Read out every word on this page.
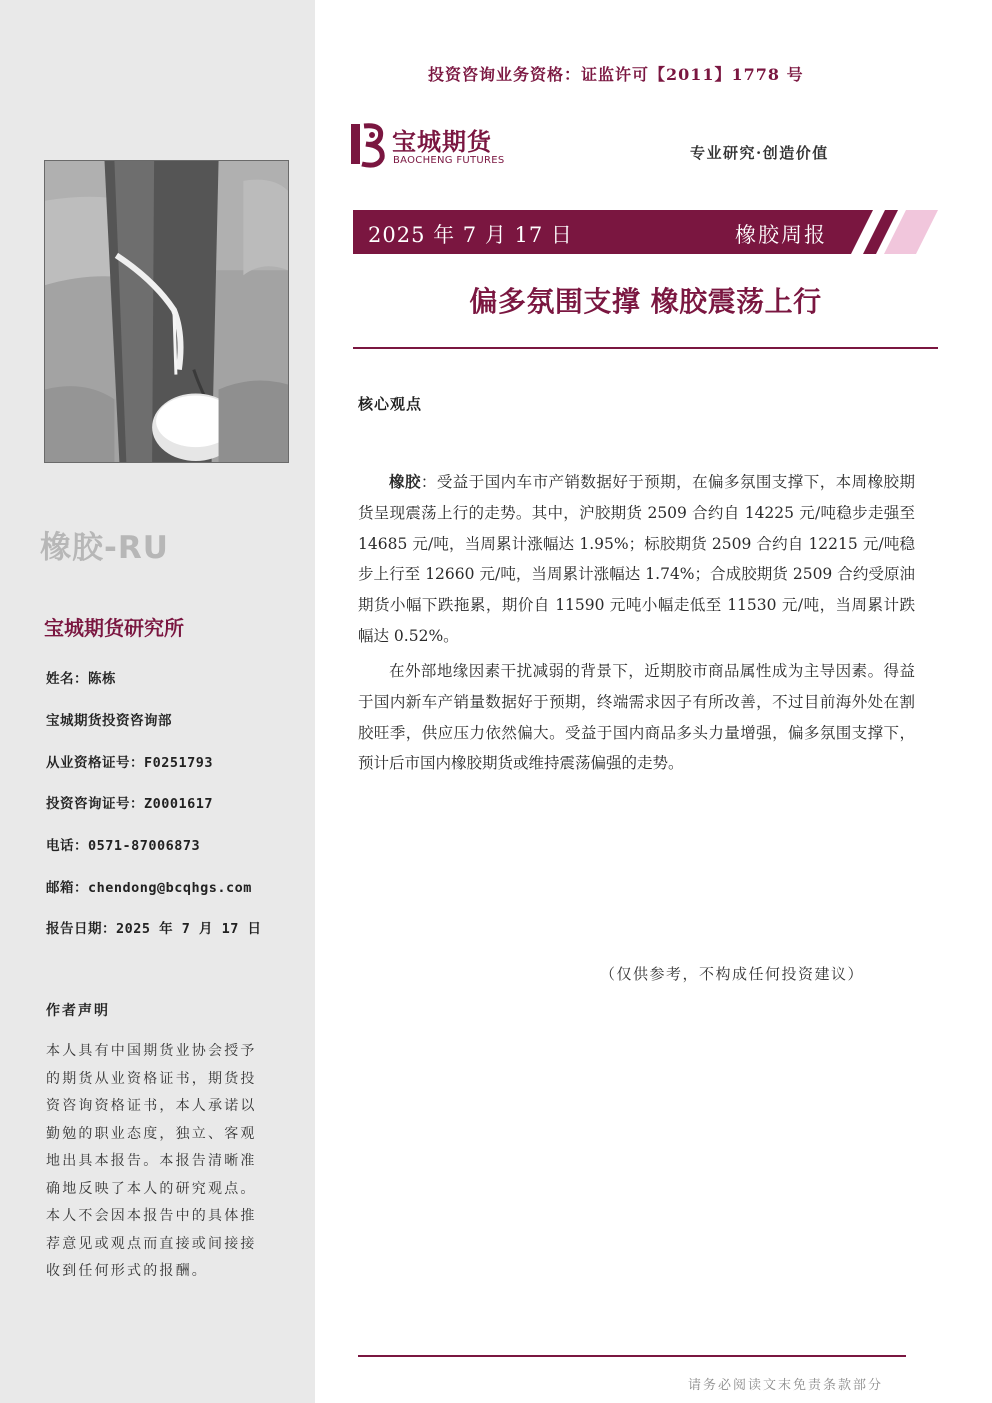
橡胶-RU
宝城期货研究所
姓名：陈栋
宝城期货投资咨询部
从业资格证号：F0251793
投资咨询证号：Z0001617
电话：0571-87006873
邮箱：chendong@bcqhgs.com
报告日期：2025 年 7 月 17 日
作者声明
本人具有中国期货业协会授予的期货从业资格证书，期货投资咨询资格证书，本人承诺以勤勉的职业态度，独立、客观地出具本报告。本报告清晰准确地反映了本人的研究观点。本人不会因本报告中的具体推荐意见或观点而直接或间接接收到任何形式的报酬。
投资咨询业务资格：证监许可【2011】1778 号
宝城期货
BAOCHENG FUTURES	专业研究·创造价值
2025 年 7 月 17 日	橡胶周报
偏多氛围支撑 橡胶震荡上行
核心观点

橡胶：受益于国内车市产销数据好于预期，在偏多氛围支撑下，本周橡胶期货呈现震荡上行的走势。其中，沪胶期货 2509 合约自 14225 元/吨稳步走强至 14685 元/吨，当周累计涨幅达 1.95%；标胶期货 2509 合约自 12215 元/吨稳步上行至 12660 元/吨，当周累计涨幅达 1.74%；合成胶期货 2509 合约受原油期货小幅下跌拖累，期价自 11590 元吨小幅走低至 11530 元/吨，当周累计跌幅达 0.52%。

在外部地缘因素干扰减弱的背景下，近期胶市商品属性成为主导因素。得益于国内新车产销量数据好于预期，终端需求因子有所改善，不过目前海外处在割胶旺季，供应压力依然偏大。受益于国内商品多头力量增强，偏多氛围支撑下，预计后市国内橡胶期货或维持震荡偏强的走势。

（仅供参考，不构成任何投资建议）
请务必阅读文末免责条款部分
